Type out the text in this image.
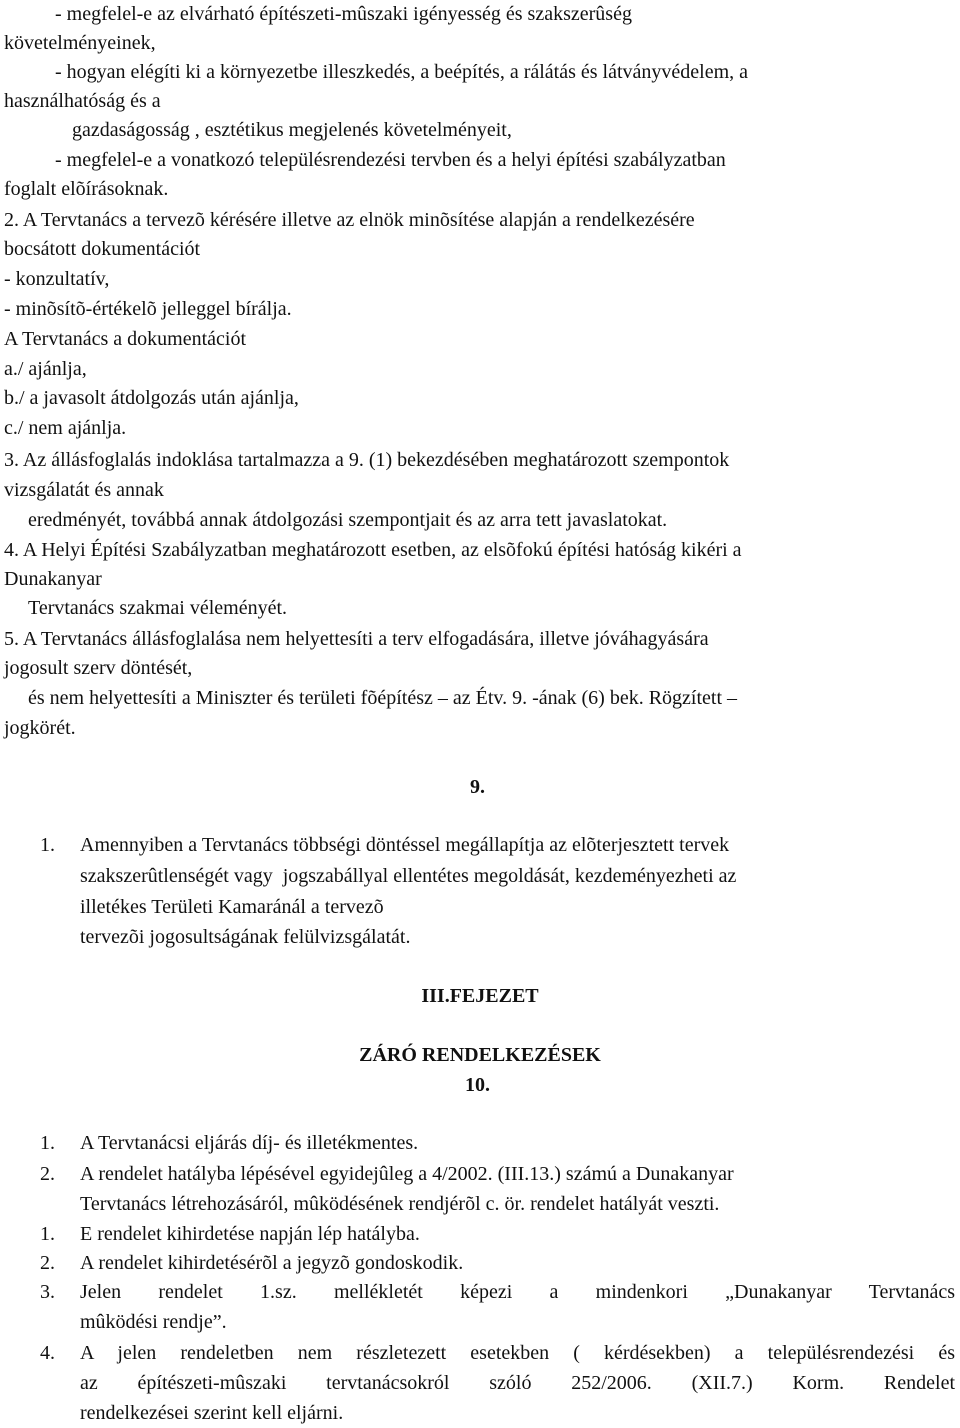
- megfelel-e az elvárható építészeti-mûszaki igényesség és szakszerûség
követelményeinek,
- hogyan elégíti ki a környezetbe illeszkedés, a beépítés, a rálátás és látványvédelem, a
használhatóság és a
gazdaságosság , esztétikus megjelenés követelményeit,
- megfelel-e a vonatkozó településrendezési tervben és a helyi építési szabályzatban
foglalt elõírásoknak.
2. A Tervtanács a tervezõ kérésére illetve az elnök minõsítése alapján a rendelkezésére
bocsátott dokumentációt
- konzultatív,
- minõsítõ-értékelõ jelleggel bírálja.
A Tervtanács a dokumentációt
a./ ajánlja,
b./ a javasolt átdolgozás után ajánlja,
c./ nem ajánlja.
3. Az állásfoglalás indoklása tartalmazza a 9. (1) bekezdésében meghatározott szempontok
vizsgálatát és annak
eredményét, továbbá annak átdolgozási szempontjait és az arra tett javaslatokat.
4. A Helyi Építési Szabályzatban meghatározott esetben, az elsõfokú építési hatóság kikéri a
Dunakanyar
Tervtanács szakmai véleményét.
5. A Tervtanács állásfoglalása nem helyettesíti a terv elfogadására, illetve jóváhagyására
jogosult szerv döntését,
és nem helyettesíti a Miniszter és területi fõépítész – az Étv. 9. -ának (6) bek. Rögzített –
jogkörét.
9.
1.	Amennyiben a Tervtanács többségi döntéssel megállapítja az elõterjesztett tervek
szakszerûtlenségét vagy  jogszabállyal ellentétes megoldását, kezdeményezheti az
illetékes Területi Kamaránál a tervezõ
tervezõi jogosultságának felülvizsgálatát.
III.FEJEZET
ZÁRÓ RENDELKEZÉSEK
10.
1.	A Tervtanácsi eljárás díj- és illetékmentes.
2.	A rendelet hatályba lépésével egyidejûleg a 4/2002. (III.13.) számú a Dunakanyar
Tervtanács létrehozásáról, mûködésének rendjérõl c. ör. rendelet hatályát veszti.
1.	E rendelet kihirdetése napján lép hatályba.
2.	A rendelet kihirdetésérõl a jegyzõ gondoskodik.
3.	Jelen rendelet 1.sz. mellékletét képezi a mindenkori „Dunakanyar Tervtanács
mûködési rendje”.
4.	A jelen rendeletben nem részletezett esetekben ( kérdésekben) a településrendezési és
az építészeti-mûszaki tervtanácsokról szóló 252/2006. (XII.7.) Korm. Rendelet
rendelkezései szerint kell eljárni.
